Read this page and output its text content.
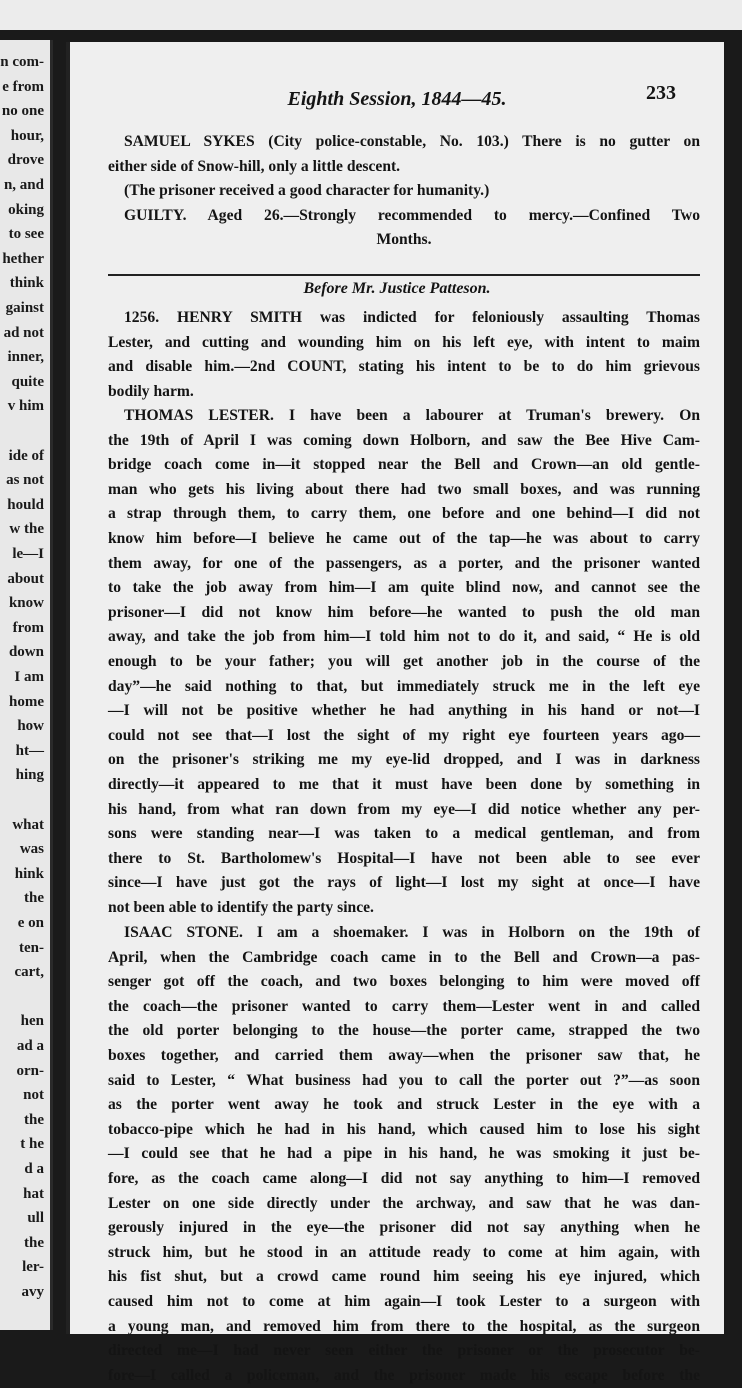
n com-
e from
no one
hour,
drove
n, and
oking
to see
hether
think
gainst
ad not
inner,
quite
v him
ide of
as not
hould
w the
le—I
about
know
from
down
I am
home
how
ht—
hing
what
was
hink
the
e on
ten-
cart,
hen
ad a
orn-
not
the
t he
d a
hat
ull
the
ler-
avy
Eighth Session, 1844—45.	233
SAMUEL SYKES (City police-constable, No. 103.) There is no gutter on
either side of Snow-hill, only a little descent.
(The prisoner received a good character for humanity.)
GUILTY. Aged 26.—Strongly recommended to mercy.—Confined Two
Months.
Before Mr. Justice Patteson.
1256. HENRY SMITH was indicted for feloniously assaulting Thomas
Lester, and cutting and wounding him on his left eye, with intent to maim
and disable him.—2nd COUNT, stating his intent to be to do him grievous
bodily harm.
THOMAS LESTER. I have been a labourer at Truman's brewery. On
the 19th of April I was coming down Holborn, and saw the Bee Hive Cam-
bridge coach come in—it stopped near the Bell and Crown—an old gentle-
man who gets his living about there had two small boxes, and was running
a strap through them, to carry them, one before and one behind—I did not
know him before—I believe he came out of the tap—he was about to carry
them away, for one of the passengers, as a porter, and the prisoner wanted
to take the job away from him—I am quite blind now, and cannot see the
prisoner—I did not know him before—he wanted to push the old man
away, and take the job from him—I told him not to do it, and said, “ He is old
enough to be your father; you will get another job in the course of the
day”—he said nothing to that, but immediately struck me in the left eye
—I will not be positive whether he had anything in his hand or not—I
could not see that—I lost the sight of my right eye fourteen years ago—
on the prisoner's striking me my eye-lid dropped, and I was in darkness
directly—it appeared to me that it must have been done by something in
his hand, from what ran down from my eye—I did notice whether any per-
sons were standing near—I was taken to a medical gentleman, and from
there to St. Bartholomew's Hospital—I have not been able to see ever
since—I have just got the rays of light—I lost my sight at once—I have
not been able to identify the party since.
ISAAC STONE. I am a shoemaker. I was in Holborn on the 19th of
April, when the Cambridge coach came in to the Bell and Crown—a pas-
senger got off the coach, and two boxes belonging to him were moved off
the coach—the prisoner wanted to carry them—Lester went in and called
the old porter belonging to the house—the porter came, strapped the two
boxes together, and carried them away—when the prisoner saw that, he
said to Lester, “ What business had you to call the porter out ?”—as soon
as the porter went away he took and struck Lester in the eye with a
tobacco-pipe which he had in his hand, which caused him to lose his sight
—I could see that he had a pipe in his hand, he was smoking it just be-
fore, as the coach came along—I did not say anything to him—I removed
Lester on one side directly under the archway, and saw that he was dan-
gerously injured in the eye—the prisoner did not say anything when he
struck him, but he stood in an attitude ready to come at him again, with
his fist shut, but a crowd came round him seeing his eye injured, which
caused him not to come at him again—I took Lester to a surgeon with
a young man, and removed him from there to the hospital, as the surgeon
directed me—I had never seen either the prisoner or the prosecutor be-
fore—I called a policeman, and the prisoner made his escape before the
